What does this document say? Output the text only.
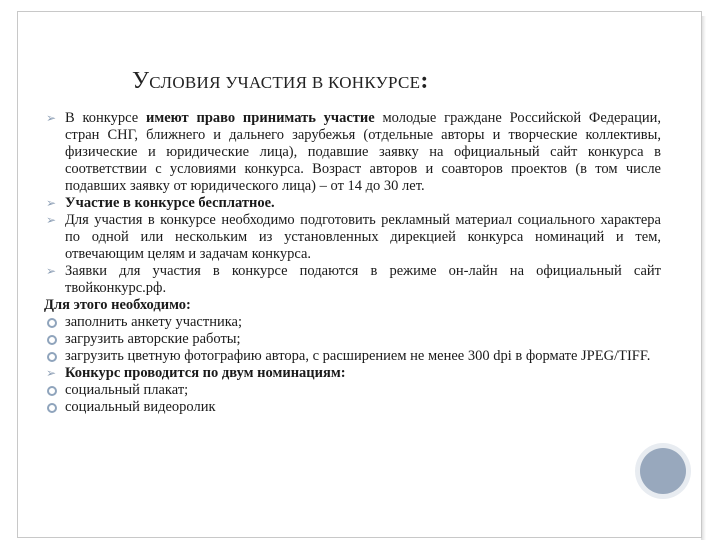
УСЛОВИЯ УЧАСТИЯ В КОНКУРСЕ:
➢ В конкурсе имеют право принимать участие молодые граждане Российской Федерации, стран СНГ, ближнего и дальнего зарубежья (отдельные авторы и творческие коллективы, физические и юридические лица), подавшие заявку на официальный сайт конкурса в соответствии с условиями конкурса. Возраст авторов и соавторов проектов (в том числе подавших заявку от юридического лица) – от 14 до 30 лет.
➢ Участие в конкурсе бесплатное.
➢ Для участия в конкурсе необходимо подготовить рекламный материал социального характера по одной или нескольким из установленных дирекцией конкурса номинаций и тем, отвечающим целям и задачам конкурса.
➢ Заявки для участия в конкурсе подаются в режиме он-лайн на официальный сайт твойконкурс.рф.
Для этого необходимо:
заполнить анкету участника;
загрузить авторские работы;
загрузить цветную фотографию автора, с расширением не менее 300 dpi в формате JPEG/TIFF.
➢ Конкурс проводится по двум номинациям:
социальный плакат;
социальный видеоролик
